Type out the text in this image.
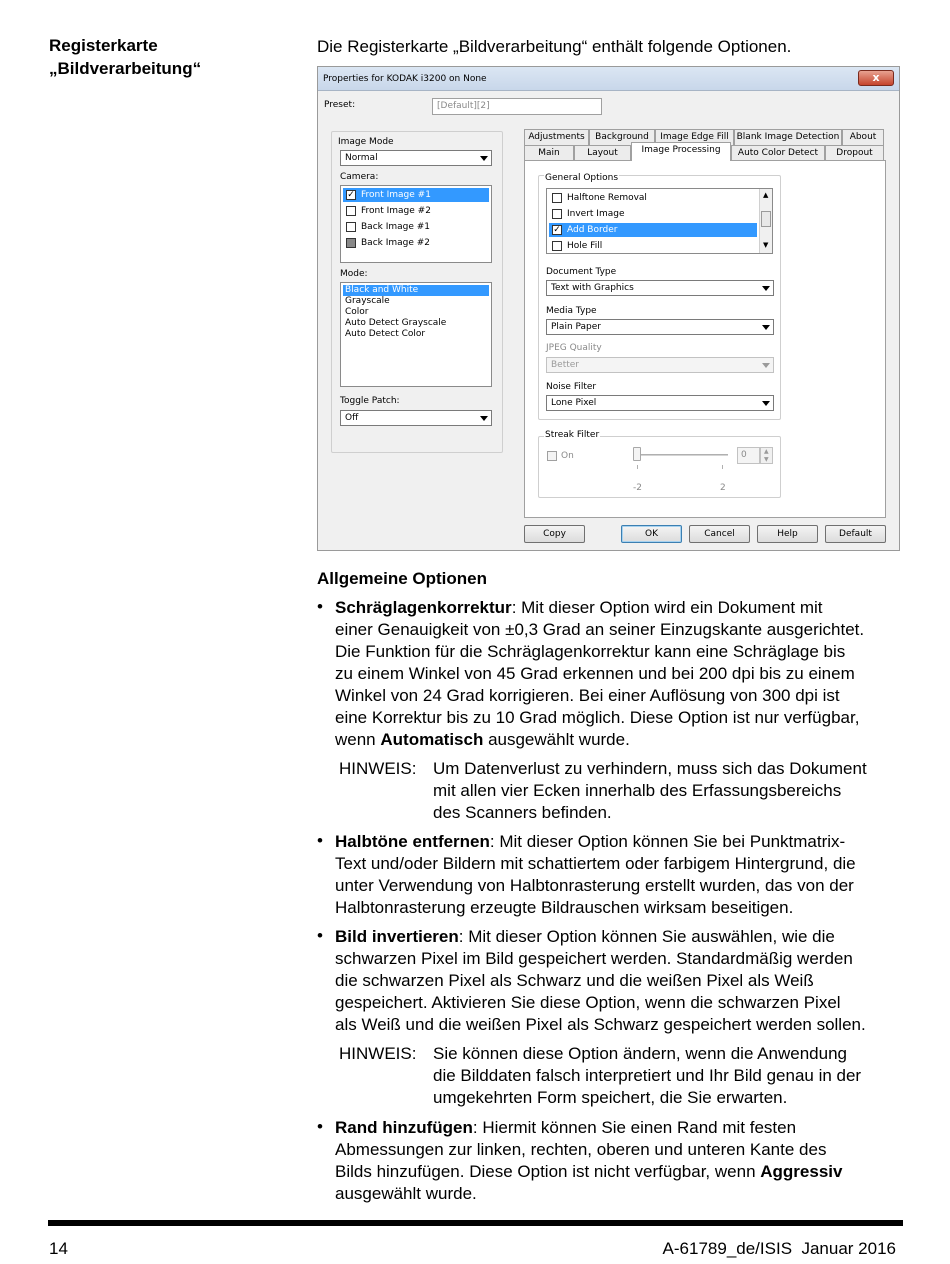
Registerkarte „Bildverarbeitung“
Die Registerkarte „Bildverarbeitung“ enthält folgende Optionen.
Properties for KODAK i3200 on None	x
Preset:	[Default][2]
Image Mode
Normal
Camera:
✓
Front Image #1
Front Image #2
Back Image #1
Back Image #2
Mode:
Black and White
Grayscale
Color
Auto Detect Grayscale
Auto Detect Color
Toggle Patch:
Off
Adjustments	Background	Image Edge Fill Blank Image Detection	About
Main	Layout	Image Processing	Auto Color Detect	Dropout
General Options
Halftone Removal
Invert Image
✓
Add Border
Hole Fill
▲
▼
Document Type
Text with Graphics
Media Type
Plain Paper
JPEG Quality
Better
Noise Filter
Lone Pixel
Streak Filter
On
-2	2
0	▲
▼
Copy	OK	Cancel	Help	Default
Allgemeine Optionen
• Schräglagenkorrektur: Mit dieser Option wird ein Dokument mit
einer Genauigkeit von ±0,3 Grad an seiner Einzugskante ausgerichtet.
Die Funktion für die Schräglagenkorrektur kann eine Schräglage bis
zu einem Winkel von 45 Grad erkennen und bei 200 dpi bis zu einem
Winkel von 24 Grad korrigieren. Bei einer Auflösung von 300 dpi ist
eine Korrektur bis zu 10 Grad möglich. Diese Option ist nur verfügbar,
wenn Automatisch ausgewählt wurde.
HINWEIS: Um Datenverlust zu verhindern, muss sich das Dokument
mit allen vier Ecken innerhalb des Erfassungsbereichs
des Scanners befinden.
• Halbtöne entfernen: Mit dieser Option können Sie bei Punktmatrix-
Text und/oder Bildern mit schattiertem oder farbigem Hintergrund, die
unter Verwendung von Halbtonrasterung erstellt wurden, das von der
Halbtonrasterung erzeugte Bildrauschen wirksam beseitigen.
• Bild invertieren: Mit dieser Option können Sie auswählen, wie die
schwarzen Pixel im Bild gespeichert werden. Standardmäßig werden
die schwarzen Pixel als Schwarz und die weißen Pixel als Weiß
gespeichert. Aktivieren Sie diese Option, wenn die schwarzen Pixel
als Weiß und die weißen Pixel als Schwarz gespeichert werden sollen.
HINWEIS: Sie können diese Option ändern, wenn die Anwendung
die Bilddaten falsch interpretiert und Ihr Bild genau in der
umgekehrten Form speichert, die Sie erwarten.
• Rand hinzufügen: Hiermit können Sie einen Rand mit festen
Abmessungen zur linken, rechten, oberen und unteren Kante des
Bilds hinzufügen. Diese Option ist nicht verfügbar, wenn Aggressiv
ausgewählt wurde.
14	A-61789_de/ISIS  Januar 2016
